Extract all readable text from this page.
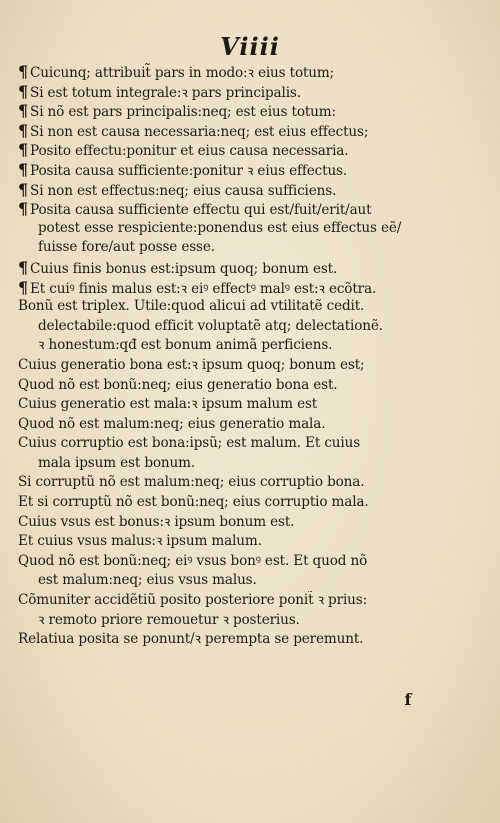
Viiii
¶ Cuicunq; attribuit̃ pars in modo:ꝛ eius totum;
¶ Si est totum integrale:ꝛ pars principalis.
¶ Si nõ est pars principalis:neq; est eius totum:
¶ Si non est causa necessaria:neq; est eius effectus;
¶ Posito effectu:ponitur et eius causa necessaria.
¶ Posita causa sufficiente:ponitur ꝛ eius effectus.
¶ Si non est effectus:neq; eius causa sufficiens.
¶ Posita causa sufficiente effectu qui est/fuit/erit/aut
potest esse respiciente:ponendus est eius effectus eẽ/
fuisse fore/aut posse esse.
¶ Cuius finis bonus est:ipsum quoq; bonum est.
¶ Et cuiꝰ finis malus est:ꝛ eiꝰ effectꝰ malꝰ est:ꝛ ecõtra.
Bonũ est triplex. Utile:quod alicui ad vtilitatẽ cedit.
delectabile:quod efficit voluptatẽ atq; delectationẽ.
ꝛ honestum:qđ est bonum animã perficiens.
Cuius generatio bona est:ꝛ ipsum quoq; bonum est;
Quod nõ est bonũ:neq; eius generatio bona est.
Cuius generatio est mala:ꝛ ipsum malum est
Quod nõ est malum:neq; eius generatio mala.
Cuius corruptio est bona:ipsũ; est malum. Et cuius
mala ipsum est bonum.
Si corruptũ nõ est malum:neq; eius corruptio bona.
Et si corruptũ nõ est bonũ:neq; eius corruptio mala.
Cuius vsus est bonus:ꝛ ipsum bonum est.
Et cuius vsus malus:ꝛ ipsum malum.
Quod nõ est bonũ:neq; eiꝰ vsus bonꝰ est. Et quod nõ
est malum:neq; eius vsus malus.
Cõmuniter accidẽtiũ posito posteriore ponit̃ ꝛ prius:
ꝛ remoto priore remouetur ꝛ posterius.
Relatiua posita se ponunt/ꝛ perempta se peremunt.
f
